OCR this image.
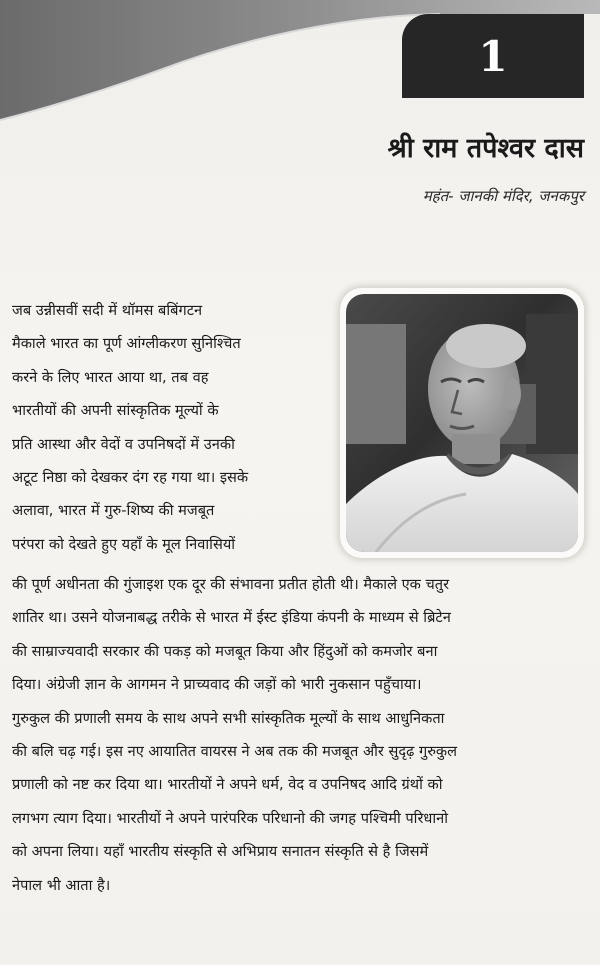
1
श्री राम तपेश्वर दास
महंत- जानकी मंदिर, जनकपुर
जब उन्नीसवीं सदी में थॉमस बबिंगटन
मैकाले भारत का पूर्ण आंग्लीकरण सुनिश्चित
करने के लिए भारत आया था, तब वह
भारतीयों की अपनी सांस्कृतिक मूल्यों के
प्रति आस्था और वेदों व उपनिषदों में उनकी
अटूट निष्ठा को देखकर दंग रह गया था। इसके
अलावा, भारत में गुरु-शिष्य की मजबूत
परंपरा को देखते हुए यहाँ के मूल निवासियों
की पूर्ण अधीनता की गुंजाइश एक दूर की संभावना प्रतीत होती थी। मैकाले एक चतुर
शातिर था। उसने योजनाबद्ध तरीके से भारत में ईस्ट इंडिया कंपनी के माध्यम से ब्रिटेन
की साम्राज्यवादी सरकार की पकड़ को मजबूत किया और हिंदुओं को कमजोर बना
दिया। अंग्रेजी ज्ञान के आगमन ने प्राच्यवाद की जड़ों को भारी नुकसान पहुँचाया।
गुरुकुल की प्रणाली समय के साथ अपने सभी सांस्कृतिक मूल्यों के साथ आधुनिकता
की बलि चढ़ गई। इस नए आयातित वायरस ने अब तक की मजबूत और सुदृढ़ गुरुकुल
प्रणाली को नष्ट कर दिया था। भारतीयों ने अपने धर्म, वेद व उपनिषद आदि ग्रंथों को
लगभग त्याग दिया। भारतीयों ने अपने पारंपरिक परिधानो की जगह पश्चिमी परिधानो
को अपना लिया। यहाँ भारतीय संस्कृति से अभिप्राय सनातन संस्कृति से है जिसमें
नेपाल भी आता है।
